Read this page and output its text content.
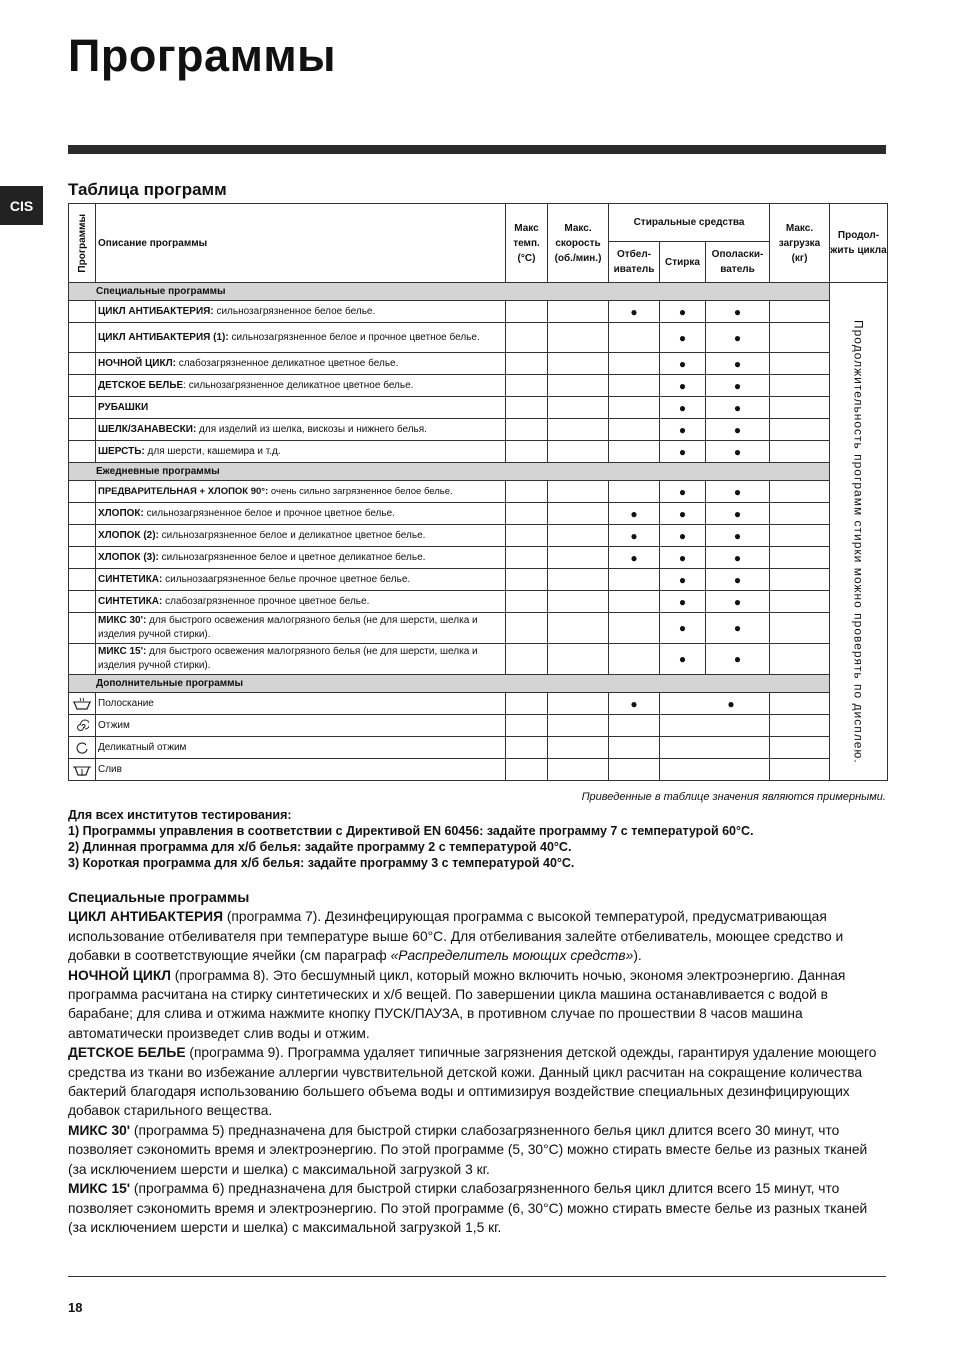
Программы
CIS
Таблица программ
Программы	Описание программы	Макс темп. (°C)	Макс. скорость (об./мин.)	Стиральные средства			Макс. загрузка (кг)	Продол-жить цикла
				Отбел-иватель	Стирка	Ополаски-ватель		
Специальные программы								Продолжительность программ стирки можно проверять по дисплею.

	ЦИКЛ АНТИБАКТЕРИЯ: сильнозагрязненное белое белье.			●	●	●		
	ЦИКЛ АНТИБАКТЕРИЯ (1): сильнозагрязненное белое и прочное цветное белье.				●	●		
	НОЧНОЙ ЦИКЛ: слабозагрязненное деликатное цветное белье.				●	●		
	ДЕТСКОЕ БЕЛЬЕ: сильнозагрязненное деликатное цветное белье.				●	●		
	РУБАШКИ				●	●		
	ШЕЛК/ЗАНАВЕСКИ: для изделий из шелка, вискозы и нижнего белья.				●	●		
	ШЕРСТЬ: для шерсти, кашемира и т.д.				●	●		
Ежедневные программы								
	ПРЕДВАРИТЕЛЬНАЯ + ХЛОПОК 90°: очень сильно загрязненное белое белье.				●	●		
	ХЛОПОК: сильнозагрязненное белое и прочное цветное белье.			●	●	●		
	ХЛОПОК (2): сильнозагрязненное белое и деликатное цветное белье.			●	●	●		
	ХЛОПОК (3): сильнозагрязненное белое и цветное деликатное белье.			●	●	●		
	СИНТЕТИКА: сильнозаагрязненное белье прочное цветное белье.				●	●		
	СИНТЕТИКА: слабозагрязненное прочное цветное белье.				●	●		
	МИКС 30': для быстрого освежения малогрязного белья (не для шерсти, шелка и изделия ручной стирки).				●	●		
	МИКС 15': для быстрого освежения малогрязного белья (не для шерсти, шелка и изделия ручной стирки).				●	●		
Дополнительные программы								

	Полоскание			●	●			

	Отжим							

	Деликатный отжим							

	Слив							
Приведенные в таблице значения являются примерными.
Для всех институтов тестирования:
1) Программы управления в соответствии с Директивой EN 60456: задайте программу 7 с температурой 60°C.
2) Длинная программа для х/б белья: задайте программу 2 с температурой 40°C.
3) Короткая программа для х/б белья: задайте программу 3 с температурой 40°C.
Специальные программы

ЦИКЛ АНТИБАКТЕРИЯ (программа 7). Дезинфецирующая программа с высокой температурой, предусматривающая использование отбеливателя при температуре выше 60°C. Для отбеливания залейте отбеливатель, моющее средство и добавки в соответствующие ячейки (см параграф «Распределитель моющих средств»).

НОЧНОЙ ЦИКЛ (программа 8). Это бесшумный цикл, который можно включить ночью, экономя электроэнергию. Данная программа расчитана на стирку синтетических и х/б вещей. По завершении цикла машина останавливается с водой в барабане; для слива и отжима нажмите кнопку ПУСК/ПАУЗА, в противном случае по прошествии 8 часов машина автоматически произведет слив воды и отжим.

ДЕТСКОЕ БЕЛЬЕ (программа 9). Программа удаляет типичные загрязнения детской одежды, гарантируя удаление моющего средства из ткани во избежание аллергии чувствительной детской кожи. Данный цикл расчитан на сокращение количества бактерий благодаря использованию большего объема воды и оптимизируя воздействие специальных дезинфицирующих добавок старильного вещества.

МИКС 30' (программа 5) предназначена для быстрой стирки слабозагрязненного белья цикл длится всего 30 минут, что позволяет сэкономить время и электроэнергию. По этой программе (5, 30°C) можно стирать вместе белье из разных тканей (за исключением шерсти и шелка) с максимальной загрузкой 3 кг.

МИКС 15' (программа 6) предназначена для быстрой стирки слабозагрязненного белья цикл длится всего 15 минут, что позволяет сэкономить время и электроэнергию. По этой программе (6, 30°C) можно стирать вместе белье из разных тканей (за исключением шерсти и шелка) с максимальной загрузкой 1,5 кг.

18
